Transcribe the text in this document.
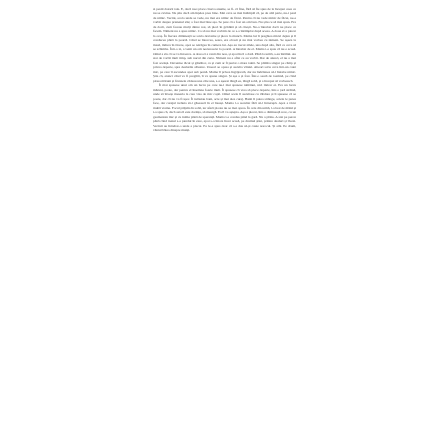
si pestit datorit tale. E, dacă nu-i place cineva anume, se fi- ră fine, fără să fie spus de la început ceea ce nu se cuvine. Nu știu dacă am înțeles prea bine. Mai ceva se mai întâmplă că, pe de altă parte, nu-i pasă de nimic. Vecini, acolo unde se vede, nu mai era nimic de făcut. Pentru că nu vede nimic de făcut, ne-a vorbit despre prietenul său; a fost mai bine așa. Se pare că a fost un om bun. Nu știu ce să mai spun. Era de dorit, cum faceau mulți dintre noi, să pleci în grădină și să citești. Ne-a întrebat dacă ne place ce facem. Nimeni nu a spus nimic. Ca să nu mai vorbim de ce s-a întâmplat după aceea. A doua zi a plecat la oraș. În fiecare dimineață se scula devreme și pleca la muncă. Mama lui îi pregătea micul dejun și îl conducea până la poartă. Când se întorcea, seara, era obosit și nu mai vorbea cu nimeni. Se așeza la masă, mânca în tăcere, apoi se retrăgea în camera lui. Așa au trecut zilele, una după alta, fără ca ceva să se schimbe. Într-o zi, a venit un om necunoscut la poartă. A întrebat de el. Mama i-a spus că nu e acasă. Omul a zis că se va întoarce. A doua zi a venit din nou, și apoi încă o dată. Până la urmă, s-au întâlnit. Au stat de vorbă mult timp, sub nucul din curte. Nimeni nu a aflat ce au vorbit. Dar de atunci, el nu a mai fost același. Devenise tăcut și gânditor, ca și cum ar fi purtat o mare taină. Se plimba singur pe câmp și privea departe, spre dealurile albastre. Uneori se oprea și asculta vântul. Alteori scria ceva într-un caiet mic, pe care îl ascundea apoi sub pernă. Mama îl privea îngrijorată, dar nu îndrăznea să-l întrebe nimic. Știa că, atunci când va fi pregătit, îi va spune singur. Și așa a și fost. Într-o seară de toamnă, pe când ploua mărunt și frunzele cădeau una câte una, s-a așezat lângă ea, lângă sobă, și a început să vorbească.

Îi mai spusese unui om un lucru pe care nu-l mai spusese nimănui, nici măcar ei. Era un lucru mărunt, poate, dar pentru el însemna foarte mult. Îi spusese că vrea să plece departe, într-o țară străină, unde să învețe meseria la care visa de mic copil. Omul acela îl ascultase cu răbdare și îi spusese că se poate, dar că nu va fi ușor. Îi trebuiau bani, acte și mai ales curaj. Banii îi putea strânge, actele le putea face, dar curajul trebuia să-l găsească în el însuși. Mama l-a ascultat fără să-l întrerupă. Apoi a tăcut multă vreme. Focul pâlpâia în sobă, iar afară ploaia nu se mai oprea. În cele din urmă, l-a luat de mână și i-a spus că, dacă asta îi este dorința, să meargă. Ea îl va aștepta. Așa a plecat, într-o dimineață rece, cu un geamantan mic și cu inima plină de speranță. Mama l-a condus până la gară. Nu a plâns. A stat pe peron până când trenul s-a pierdut în zare, apoi s-a întors încet acasă, pe drumul știut, printre dealuri și livezi. Vecinii au întrebat-o unde a plecat. Ea le-a spus doar că s-a dus să-și caute norocul. Și atât. Pe drum, vântul bătea dinspre munți.
